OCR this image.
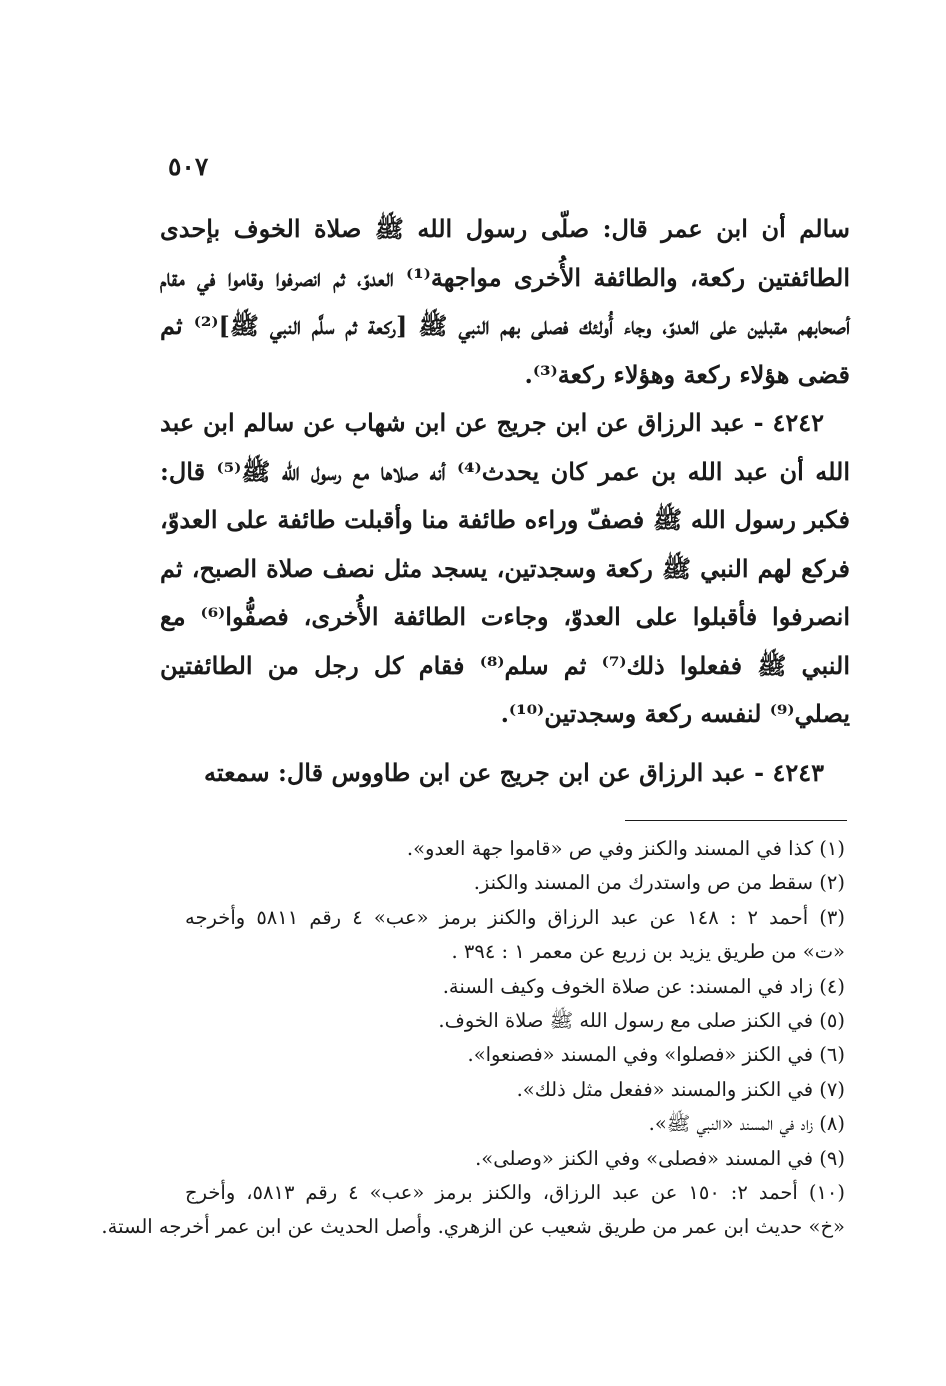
٥٠٧

سالم أن ابن عمر قال: صلّى رسول الله ﷺ صلاة الخوف بإحدى الطائفتين ركعة، والطائفة الأُخرى مواجهة⁽¹⁾ العدوّ، ثم انصرفوا وقاموا في مقام أصحابهم مقبلين على العدوّ، وجاء أُولئك فصلى بهم النبي ﷺ [ركعة ثم سلَّم النبي ﷺ]⁽²⁾ ثم قضى هؤلاء ركعة وهؤلاء ركعة⁽³⁾.

٤٢٤٢ - عبد الرزاق عن ابن جريج عن ابن شهاب عن سالم ابن عبد الله أن عبد الله بن عمر كان يحدث⁽⁴⁾ أنه صلاها مع رسول الله ﷺ⁽⁵⁾ قال: فكبر رسول الله ﷺ فصفّ وراءه طائفة منا وأقبلت طائفة على العدوّ، فركع لهم النبي ﷺ ركعة وسجدتين، يسجد مثل نصف صلاة الصبح، ثم انصرفوا فأقبلوا على العدوّ، وجاءت الطائفة الأُخرى، فصفُّوا⁽⁶⁾ مع النبي ﷺ ففعلوا ذلك⁽⁷⁾ ثم سلم⁽⁸⁾ فقام كل رجل من الطائفتين يصلي⁽⁹⁾ لنفسه ركعة وسجدتين⁽¹⁰⁾.

٤٢٤٣ - عبد الرزاق عن ابن جريج عن ابن طاووس قال: سمعته

(١) كذا في المسند والكنز وفي ص «قاموا جهة العدو».

(٢) سقط من ص واستدرك من المسند والكنز.

(٣) أحمد ٢ : ١٤٨ عن عبد الرزاق والكنز برمز «عب» ٤ رقم ٥٨١١ وأخرجه

«ت» من طريق يزيد بن زريع عن معمر ١ : ٣٩٤ .

(٤) زاد في المسند: عن صلاة الخوف وكيف السنة.

(٥) في الكنز صلى مع رسول الله ﷺ صلاة الخوف.

(٦) في الكنز «فصلوا» وفي المسند «فصنعوا».

(٧) في الكنز والمسند «ففعل مثل ذلك».

(٨) زاد في المسند «النبي ﷺ».

(٩) في المسند «فصلى» وفي الكنز «وصلى».

(١٠) أحمد ٢: ١٥٠ عن عبد الرزاق، والكنز برمز «عب» ٤ رقم ٥٨١٣، وأخرج

«خ» حديث ابن عمر من طريق شعيب عن الزهري. وأصل الحديث عن ابن عمر أخرجه الستة.
